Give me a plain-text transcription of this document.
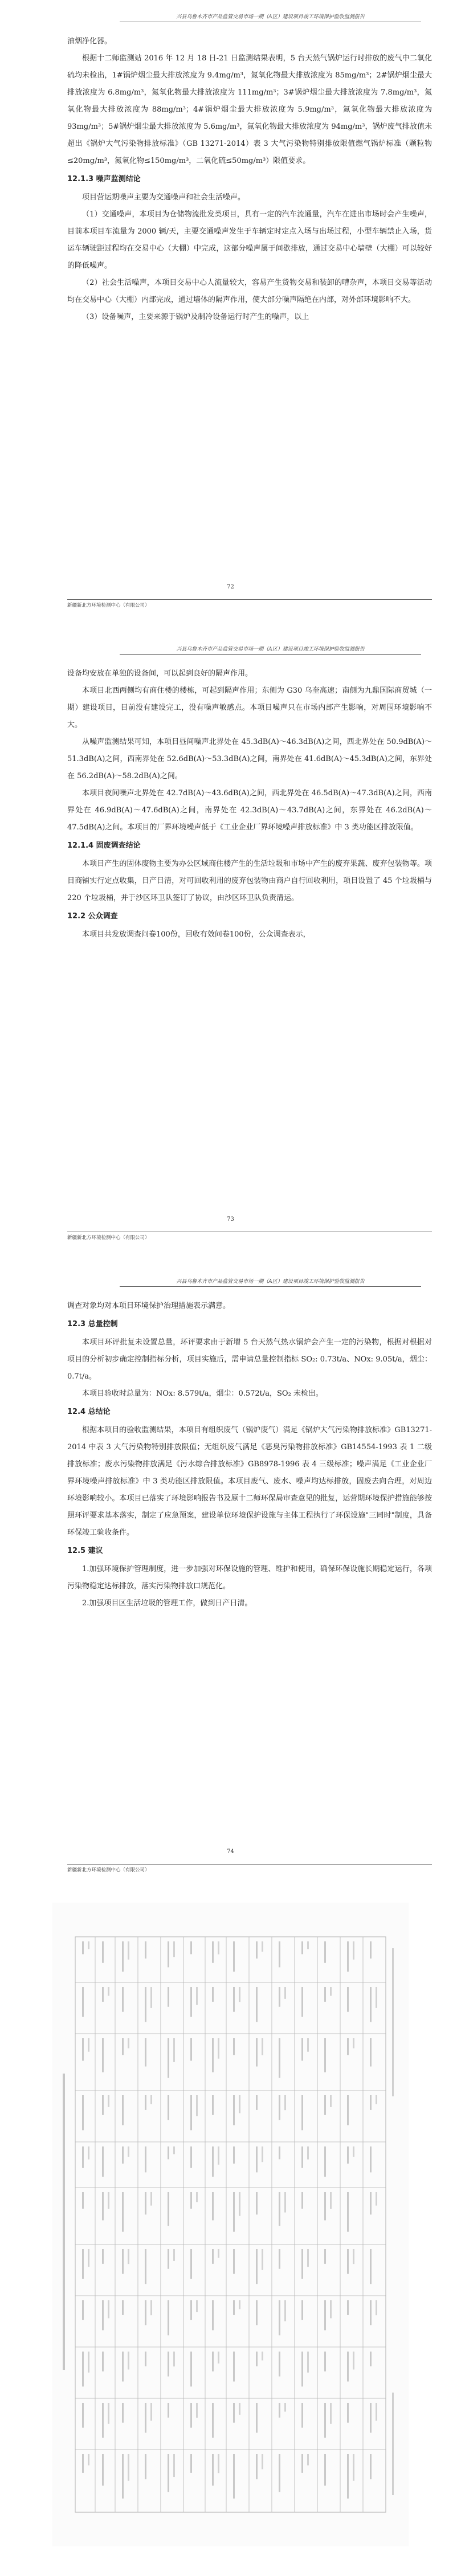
兴县乌鲁木齐市产品监管交易市场一期（A区）建设项目竣工环境保护验收监测报告

油烟净化器。

根据十二师监测站 2016 年 12 月 18 日-21 日监测结果表明，5 台天然气锅炉运行时排放的废气中二氧化硫均未检出，1#锅炉烟尘最大排放浓度为 9.4mg/m³，氮氧化物最大排放浓度为 85mg/m³；2#锅炉烟尘最大排放浓度为 6.8mg/m³，氮氧化物最大排放浓度为 111mg/m³；3#锅炉烟尘最大排放浓度为 7.8mg/m³，氮氧化物最大排放浓度为 88mg/m³；4#锅炉烟尘最大排放浓度为 5.9mg/m³，氮氧化物最大排放浓度为 93mg/m³；5#锅炉烟尘最大排放浓度为 5.6mg/m³，氮氧化物最大排放浓度为 94mg/m³，锅炉废气排放值未超出《锅炉大气污染物排放标准》（GB 13271-2014）表 3 大气污染物特别排放限值燃气锅炉标准（颗粒物≤20mg/m³，氮氧化物≤150mg/m³，二氧化硫≤50mg/m³）限值要求。

12.1.3 噪声监测结论

项目营运期噪声主要为交通噪声和社会生活噪声。

（1）交通噪声，本项目为仓储物流批发类项目，具有一定的汽车流通量，汽车在进出市场时会产生噪声，目前本项目车流量为 2000 辆/天，主要交通噪声发生于车辆定时定点入场与出场过程，小型车辆禁止入场，货运车辆驶距过程均在交易中心（大棚）中完成，这部分噪声属于间歇排放，通过交易中心墙壁（大棚）可以较好的降低噪声。

（2）社会生活噪声，本项目交易中心人流量较大，容易产生货物交易和装卸的嘈杂声，本项目交易等活动均在交易中心（大棚）内部完成，通过墙体的隔声作用，使大部分噪声隔绝在内部，对外部环境影响不大。

（3）设备噪声，主要来源于锅炉及制冷设备运行时产生的噪声，以上

72
新疆新北方环境检测中心（有限公司）
兴县乌鲁木齐市产品监管交易市场一期（A区）建设项目竣工环境保护验收监测报告

设备均安放在单独的设备间，可以起到良好的隔声作用。

本项目北西两侧均有商住楼的楼栋，可起到隔声作用；东侧为 G30 乌奎高速；南侧为九鼎国际商贸城（一期）建设项目，目前没有建设完工，没有噪声敏感点。本项目噪声只在市场内部产生影响，对周围环境影响不大。

从噪声监测结果可知，本项目昼间噪声北界处在 45.3dB(A)～46.3dB(A)之间，西北界处在 50.9dB(A)～51.3dB(A)之间，西南界处在 52.6dB(A)～53.3dB(A)之间，南界处在 41.6dB(A)～45.3dB(A)之间，东界处在 56.2dB(A)～58.2dB(A)之间。

本项目夜间噪声北界处在 42.7dB(A)～43.6dB(A)之间，西北界处在 46.5dB(A)～47.3dB(A)之间，西南界处在 46.9dB(A)～47.6dB(A)之间，南界处在 42.3dB(A)～43.7dB(A)之间，东界处在 46.2dB(A)～47.5dB(A)之间。本项目的厂界环境噪声低于《工业企业厂界环境噪声排放标准》中 3 类功能区排放限值。

12.1.4 固废调查结论

本项目产生的固体废物主要为办公区域商住楼产生的生活垃圾和市场中产生的废弃果蔬、废弃包装物等。项目商铺实行定点收集，日产日清，对可回收利用的废弃包装物由商户自行回收利用，项目设置了 45 个垃圾桶与 220 个垃圾桶，并于沙区环卫队签订了协议，由沙区环卫队负责清运。

12.2 公众调查

本项目共发放调查问卷100份，回收有效问卷100份，公众调查表示，

73
新疆新北方环境检测中心（有限公司）
兴县乌鲁木齐市产品监管交易市场一期（A区）建设项目竣工环境保护验收监测报告

调查对象均对本项目环境保护治理措施表示满意。

12.3 总量控制

本项目环评批复未设置总量，环评要求由于新增 5 台天然气热水锅炉会产生一定的污染物，根据对根据对项目的分析初步确定控制指标分析，项目实施后，需申请总量控制指标 SO₂: 0.73t/a、NOx: 9.05t/a，烟尘：0.7t/a。

本项目验收时总量为：NOx: 8.579t/a，烟尘：0.572t/a，SO₂ 未检出。

12.4 总结论

根据本项目的验收监测结果，本项目有组织废气（锅炉废气）满足《锅炉大气污染物排放标准》GB13271-2014 中表 3 大气污染物特别排放限值；无组织废气满足《恶臭污染物排放标准》GB14554-1993 表 1 二级排放标准；废水污染物排放满足《污水综合排放标准》GB8978-1996 表 4 三级标准；噪声满足《工业企业厂界环境噪声排放标准》中 3 类功能区排放限值。本项目废气、废水、噪声均达标排放，固废去向合理，对周边环境影响较小。本项目已落实了环境影响报告书及原十二师环保局审查意见的批复，运营期环境保护措施能够按照环评要求基本落实，制定了应急预案，建设单位环境保护设施与主体工程执行了环保设施"三同时"制度，具备环保竣工验收条件。

12.5 建议

1.加强环境保护管理制度，进一步加强对环保设施的管理、维护和使用，确保环保设施长期稳定运行，各项污染物稳定达标排放，落实污染物排放口规范化。

2.加强项目区生活垃圾的管理工作，做到日产日清。

74
新疆新北方环境检测中心（有限公司）
